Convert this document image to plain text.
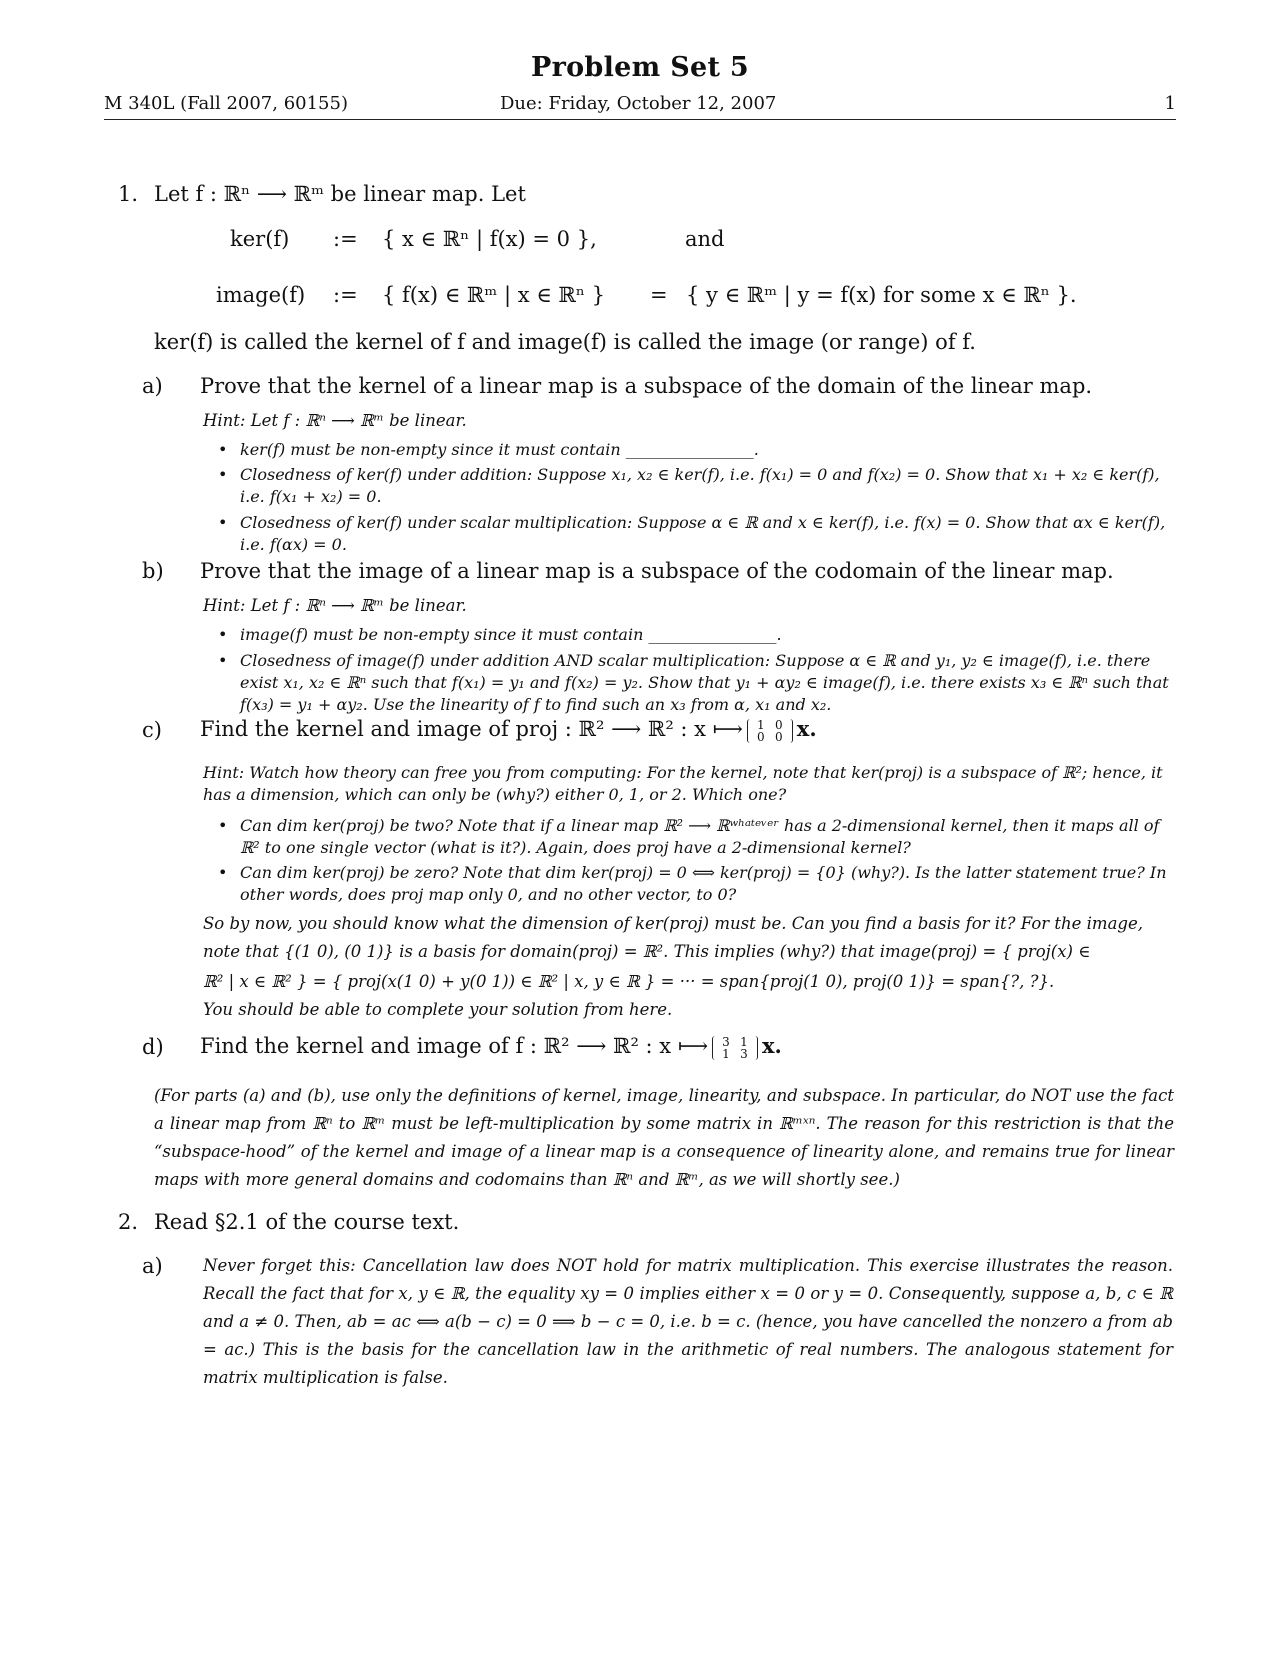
Problem Set 5
M 340L (Fall 2007, 60155)	Due: Friday, October 12, 2007	1
1. Let f : ℝⁿ ⟶ ℝᵐ be linear map. Let
ker(f) := { x ∈ ℝⁿ | f(x) = 0 },	and
image(f) := { f(x) ∈ ℝᵐ | x ∈ ℝⁿ } = { y ∈ ℝᵐ | y = f(x) for some x ∈ ℝⁿ }.
ker(f) is called the kernel of f and image(f) is called the image (or range) of f.
a) Prove that the kernel of a linear map is a subspace of the domain of the linear map.
Hint: Let f : ℝⁿ ⟶ ℝᵐ be linear.
• ker(f) must be non-empty since it must contain ________________.
• Closedness of ker(f) under addition: Suppose x₁, x₂ ∈ ker(f), i.e. f(x₁) = 0 and f(x₂) = 0. Show that x₁ + x₂ ∈ ker(f), i.e. f(x₁ + x₂) = 0.
• Closedness of ker(f) under scalar multiplication: Suppose α ∈ ℝ and x ∈ ker(f), i.e. f(x) = 0. Show that αx ∈ ker(f), i.e. f(αx) = 0.
b) Prove that the image of a linear map is a subspace of the codomain of the linear map.
Hint: Let f : ℝⁿ ⟶ ℝᵐ be linear.
• image(f) must be non-empty since it must contain ________________.
• Closedness of image(f) under addition AND scalar multiplication: Suppose α ∈ ℝ and y₁, y₂ ∈ image(f), i.e. there exist x₁, x₂ ∈ ℝⁿ such that f(x₁) = y₁ and f(x₂) = y₂. Show that y₁ + αy₂ ∈ image(f), i.e. there exists x₃ ∈ ℝⁿ such that f(x₃) = y₁ + αy₂. Use the linearity of f to find such an x₃ from α, x₁ and x₂.
c) Find the kernel and image of proj : ℝ² ⟶ ℝ² : x ⟼ 1 0
0 0 x.
Hint: Watch how theory can free you from computing: For the kernel, note that ker(proj) is a subspace of ℝ²; hence, it has a dimension, which can only be (why?) either 0, 1, or 2. Which one?
• Can dim ker(proj) be two? Note that if a linear map ℝ² ⟶ ℝʷʰᵃᵗᵉᵛᵉʳ has a 2-dimensional kernel, then it maps all of ℝ² to one single vector (what is it?). Again, does proj have a 2-dimensional kernel?
• Can dim ker(proj) be zero? Note that dim ker(proj) = 0 ⟺ ker(proj) = {0} (why?). Is the latter statement true? In other words, does proj map only 0, and no other vector, to 0?
So by now, you should know what the dimension of ker(proj) must be. Can you find a basis for it? For the image,
note that {(1 0), (0 1)} is a basis for domain(proj) = ℝ². This implies (why?) that image(proj) = { proj(x) ∈
ℝ² | x ∈ ℝ² } = { proj(x(1 0) + y(0 1)) ∈ ℝ² | x, y ∈ ℝ } = ··· = span{proj(1 0), proj(0 1)} = span{?, ?}.
You should be able to complete your solution from here.
d) Find the kernel and image of f : ℝ² ⟶ ℝ² : x ⟼ 3 1
1 3 x.
(For parts (a) and (b), use only the definitions of kernel, image, linearity, and subspace. In particular, do NOT use the fact a linear map from ℝⁿ to ℝᵐ must be left-multiplication by some matrix in ℝᵐˣⁿ. The reason for this restriction is that the “subspace-hood” of the kernel and image of a linear map is a consequence of linearity alone, and remains true for linear maps with more general domains and codomains than ℝⁿ and ℝᵐ, as we will shortly see.)
2. Read §2.1 of the course text.
a) Never forget this: Cancellation law does NOT hold for matrix multiplication. This exercise illustrates the reason. Recall the fact that for x, y ∈ ℝ, the equality xy = 0 implies either x = 0 or y = 0. Consequently, suppose a, b, c ∈ ℝ and a ≠ 0. Then, ab = ac ⟺ a(b − c) = 0 ⟹ b − c = 0, i.e. b = c. (hence, you have cancelled the nonzero a from ab = ac.) This is the basis for the cancellation law in the arithmetic of real numbers. The analogous statement for matrix multiplication is false.
